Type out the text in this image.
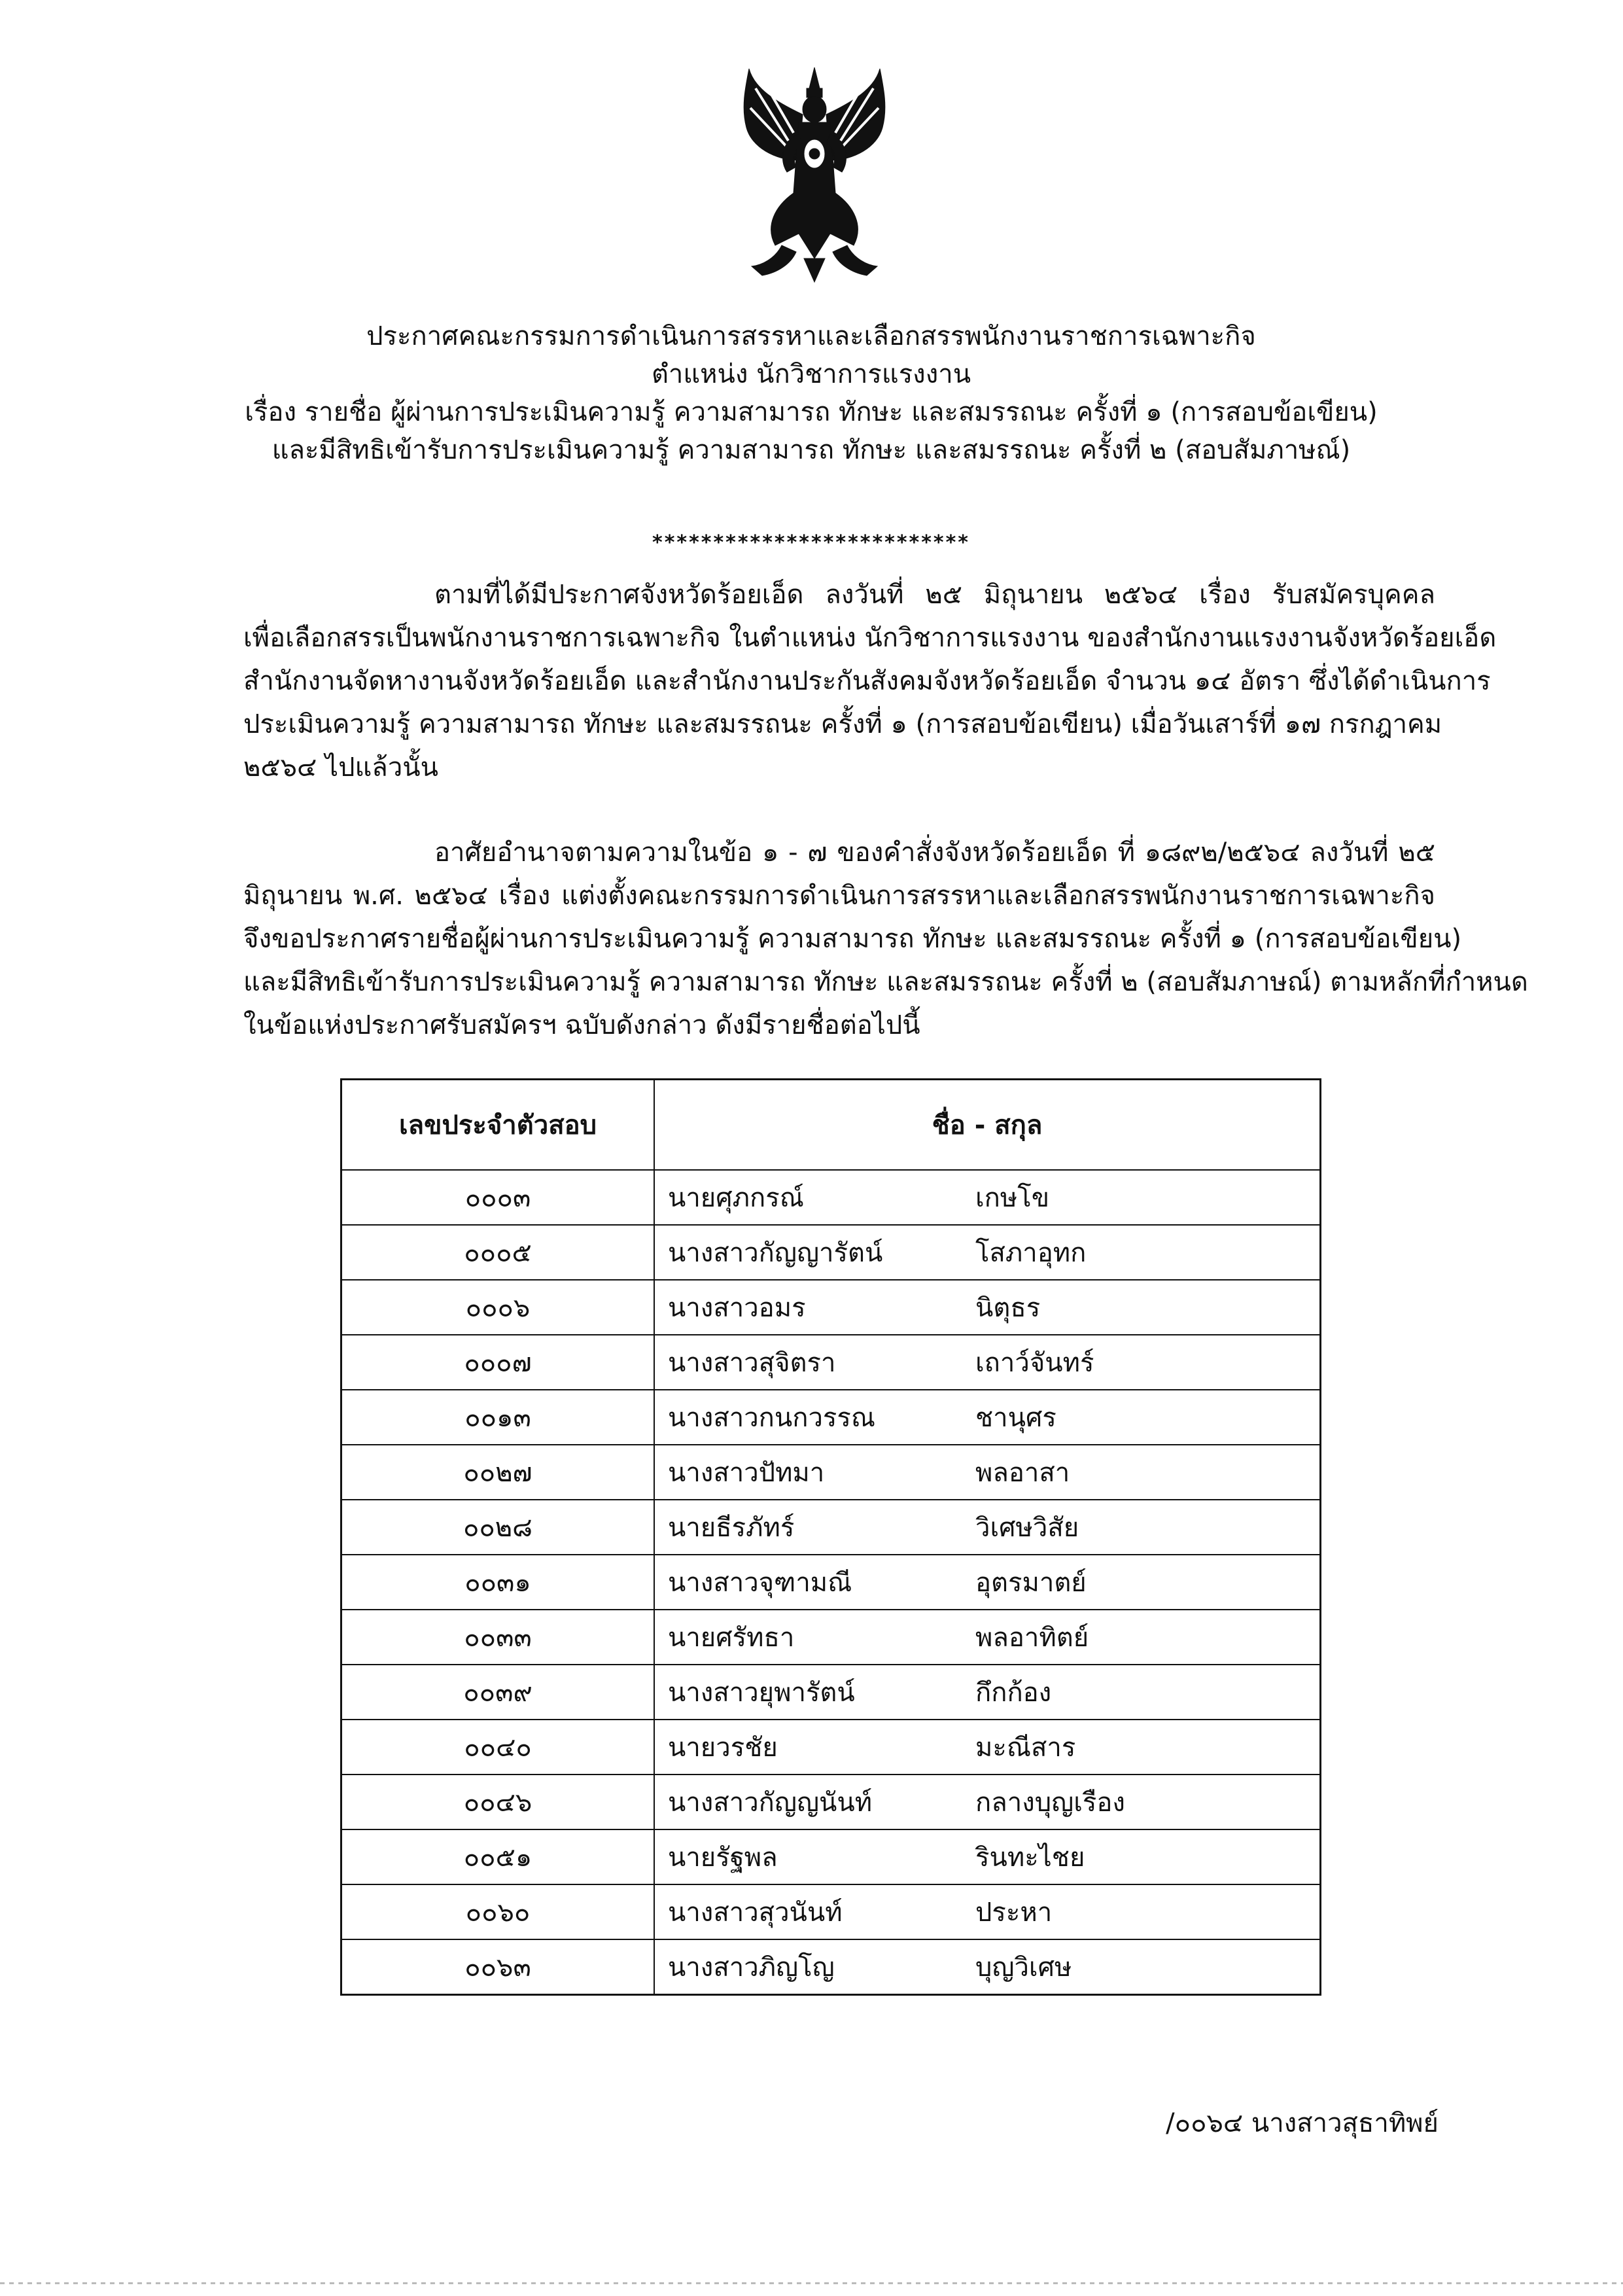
ประกาศคณะกรรมการดำเนินการสรรหาและเลือกสรรพนักงานราชการเฉพาะกิจ
ตำแหน่ง นักวิชาการแรงงาน
เรื่อง รายชื่อ ผู้ผ่านการประเมินความรู้ ความสามารถ ทักษะ และสมรรถนะ ครั้งที่ ๑ (การสอบข้อเขียน)
และมีสิทธิเข้ารับการประเมินความรู้ ความสามารถ ทักษะ และสมรรถนะ ครั้งที่ ๒ (สอบสัมภาษณ์)
**************************
ตามที่ได้มีประกาศจังหวัดร้อยเอ็ด ลงวันที่ ๒๕ มิถุนายน ๒๕๖๔ เรื่อง รับสมัครบุคคล
เพื่อเลือกสรรเป็นพนักงานราชการเฉพาะกิจ ในตำแหน่ง นักวิชาการแรงงาน ของสำนักงานแรงงานจังหวัดร้อยเอ็ด
สำนักงานจัดหางานจังหวัดร้อยเอ็ด และสำนักงานประกันสังคมจังหวัดร้อยเอ็ด จำนวน ๑๔ อัตรา ซึ่งได้ดำเนินการ
ประเมินความรู้ ความสามารถ ทักษะ และสมรรถนะ ครั้งที่ ๑ (การสอบข้อเขียน) เมื่อวันเสาร์ที่ ๑๗ กรกฎาคม
๒๕๖๔ ไปแล้วนั้น
อาศัยอำนาจตามความในข้อ ๑ - ๗ ของคำสั่งจังหวัดร้อยเอ็ด ที่ ๑๘๙๒/๒๕๖๔ ลงวันที่ ๒๕
มิถุนายน พ.ศ. ๒๕๖๔ เรื่อง แต่งตั้งคณะกรรมการดำเนินการสรรหาและเลือกสรรพนักงานราชการเฉพาะกิจ
จึงขอประกาศรายชื่อผู้ผ่านการประเมินความรู้ ความสามารถ ทักษะ และสมรรถนะ ครั้งที่ ๑ (การสอบข้อเขียน)
และมีสิทธิเข้ารับการประเมินความรู้ ความสามารถ ทักษะ และสมรรถนะ ครั้งที่ ๒ (สอบสัมภาษณ์) ตามหลักที่กำหนด
ในข้อแห่งประกาศรับสมัครฯ ฉบับดังกล่าว ดังมีรายชื่อต่อไปนี้
เลขประจำตัวสอบ	ชื่อ - สกุล
๐๐๐๓	นายศุภกรณ์ เกษโข
๐๐๐๕	นางสาวกัญญารัตน์ โสภาอุทก
๐๐๐๖	นางสาวอมร นิตุธร
๐๐๐๗	นางสาวสุจิตรา เถาว์จันทร์
๐๐๑๓	นางสาวกนกวรรณ ชานุศร
๐๐๒๗	นางสาวปัทมา พลอาสา
๐๐๒๘	นายธีรภัทร์ วิเศษวิสัย
๐๐๓๑	นางสาวจุฑามณี อุตรมาตย์
๐๐๓๓	นายศรัทธา พลอาทิตย์
๐๐๓๙	นางสาวยุพารัตน์ กึกก้อง
๐๐๔๐	นายวรชัย มะณีสาร
๐๐๔๖	นางสาวกัญญนันท์ กลางบุญเรือง
๐๐๕๑	นายรัฐพล รินทะไชย
๐๐๖๐	นางสาวสุวนันท์ ประหา
๐๐๖๓	นางสาวภิญโญ บุญวิเศษ
/๐๐๖๔ นางสาวสุธาทิพย์
